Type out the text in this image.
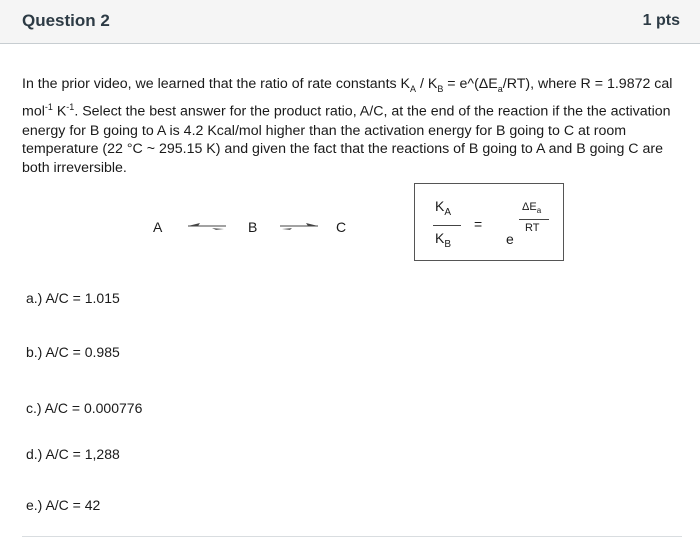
Question 2	1 pts
In the prior video, we learned that the ratio of rate constants $K_A / K_B$ = $e\^{}(\Delta E_a/RT)$, where R = 1.9872 cal mol$^{-1}$ $K^{-1}$. Select the best answer for the product ratio, A/C, at the end of the reaction if the the activation energy for B going to A is 4.2 Kcal/mol higher than the activation energy for B going to C at room temperature (22 °C ~ 295.15 K) and given the fact that the reactions of B going to A and B going C are both irreversible.
A	B	C
$K_A$
$K_B$
=
e
$\Delta E_a$
RT
a.) A/C = 1.015
b.) A/C = 0.985
c.) A/C = 0.000776
d.) A/C = 1,288
e.) A/C = 42
